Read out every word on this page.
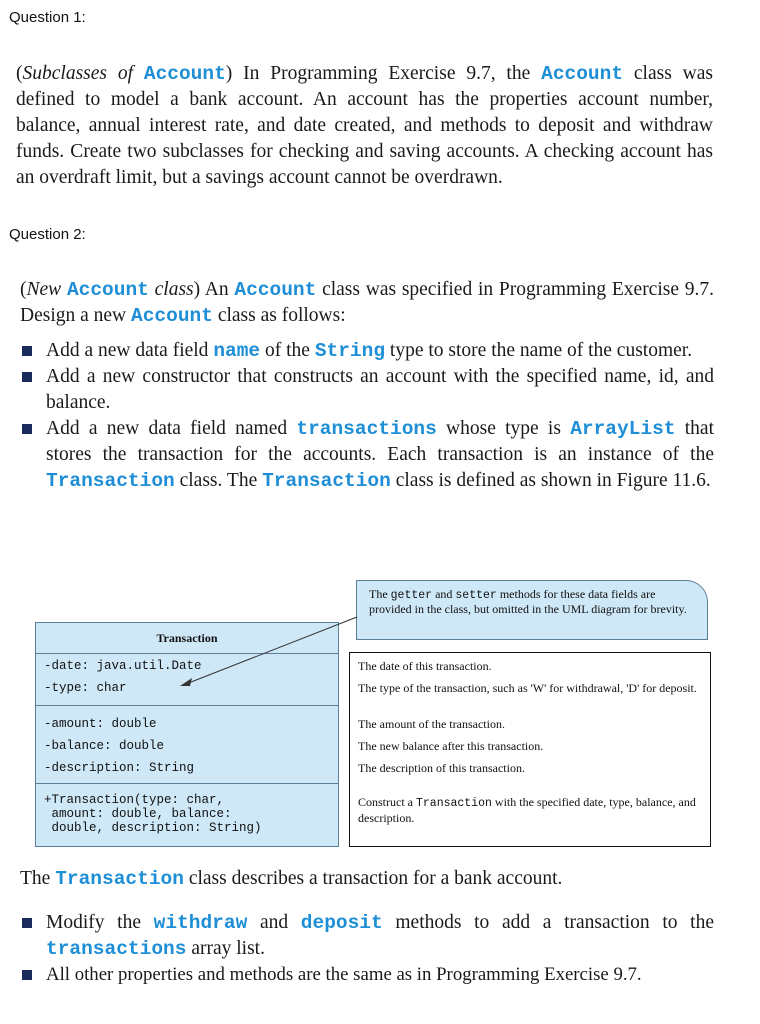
Question 1:
(Subclasses of Account) In Programming Exercise 9.7, the Account class was defined to model a bank account. An account has the properties account number, balance, annual interest rate, and date created, and methods to deposit and withdraw funds. Create two subclasses for checking and saving accounts. A checking account has an overdraft limit, but a savings account cannot be overdrawn.
Question 2:
(New Account class) An Account class was specified in Programming Exercise 9.7. Design a new Account class as follows:
Add a new data field name of the String type to store the name of the customer.
Add a new constructor that constructs an account with the specified name, id, and balance.
Add a new data field named transactions whose type is ArrayList that stores the transaction for the accounts. Each transaction is an instance of the Transaction class. The Transaction class is defined as shown in Figure 11.6.
The getter and setter methods for these data fields are provided in the class, but omitted in the UML diagram for brevity.
Transaction
-date: java.util.Date
-type: char
-amount: double
-balance: double
-description: String
+Transaction(type: char,
amount: double, balance:
double, description: String)
The date of this transaction.
The type of the transaction, such as 'W' for withdrawal, 'D' for deposit.
The amount of the transaction.
The new balance after this transaction.
The description of this transaction.
Construct a Transaction with the specified date, type, balance, and description.
The Transaction class describes a transaction for a bank account.
Modify the withdraw and deposit methods to add a transaction to the transactions array list.
All other properties and methods are the same as in Programming Exercise 9.7.
